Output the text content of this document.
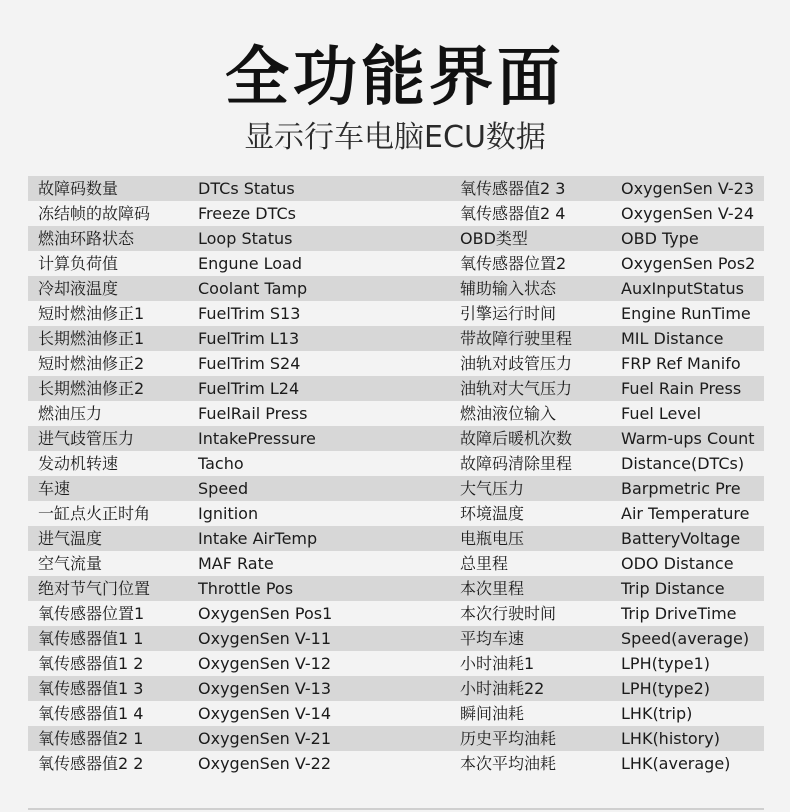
全功能界面
显示行车电脑ECU数据
故障码数量	DTCs Status	氧传感器值2 3	OxygenSen V-23
冻结帧的故障码	Freeze DTCs	氧传感器值2 4	OxygenSen V-24
燃油环路状态	Loop Status	OBD类型	OBD Type
计算负荷值	Engune Load	氧传感器位置2	OxygenSen Pos2
冷却液温度	Coolant Tamp	辅助输入状态	AuxInputStatus
短时燃油修正1	FuelTrim S13	引擎运行时间	Engine RunTime
长期燃油修正1	FuelTrim L13	带故障行驶里程	MIL Distance
短时燃油修正2	FuelTrim S24	油轨对歧管压力	FRP Ref Manifo
长期燃油修正2	FuelTrim L24	油轨对大气压力	Fuel Rain Press
燃油压力	FuelRail Press	燃油液位输入	Fuel Level
进气歧管压力	IntakePressure	故障后暖机次数	Warm-ups Count
发动机转速	Tacho	故障码清除里程	Distance(DTCs)
车速	Speed	大气压力	Barpmetric Pre
一缸点火正时角	Ignition	环境温度	Air Temperature
进气温度	Intake AirTemp	电瓶电压	BatteryVoltage
空气流量	MAF Rate	总里程	ODO Distance
绝对节气门位置	Throttle Pos	本次里程	Trip Distance
氧传感器位置1	OxygenSen Pos1	本次行驶时间	Trip DriveTime
氧传感器值1 1	OxygenSen V-11	平均车速	Speed(average)
氧传感器值1 2	OxygenSen V-12	小时油耗1	LPH(type1)
氧传感器值1 3	OxygenSen V-13	小时油耗22	LPH(type2)
氧传感器值1 4	OxygenSen V-14	瞬间油耗	LHK(trip)
氧传感器值2 1	OxygenSen V-21	历史平均油耗	LHK(history)
氧传感器值2 2	OxygenSen V-22	本次平均油耗	LHK(average)
